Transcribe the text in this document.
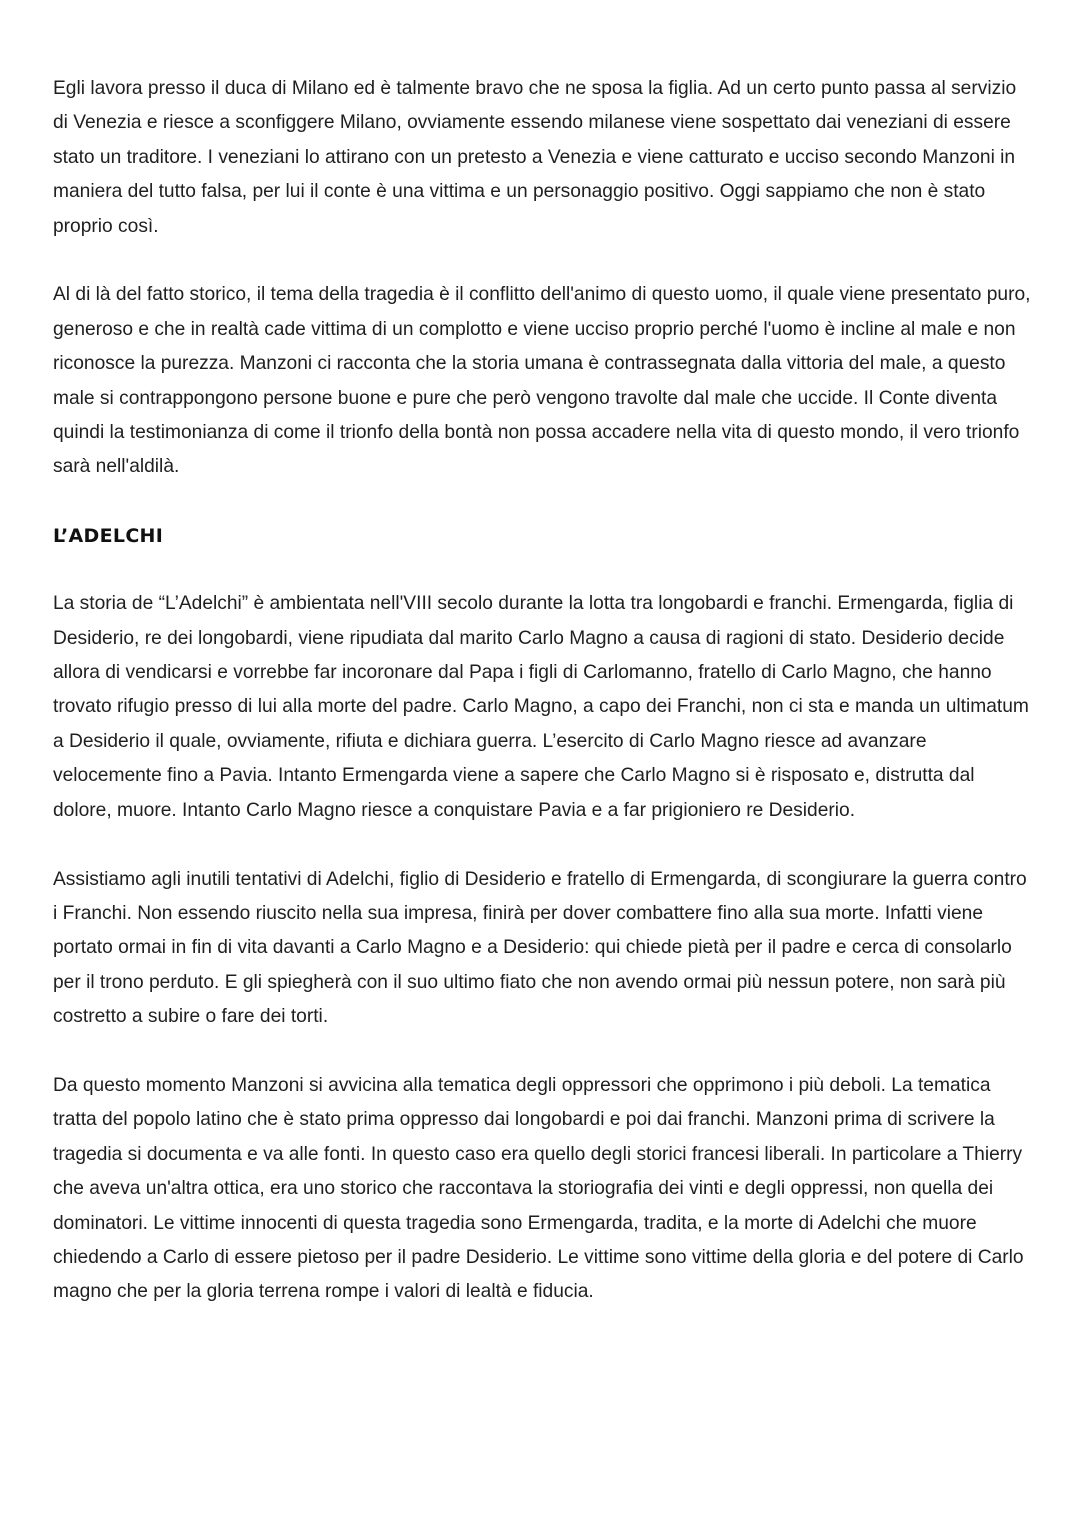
Egli lavora presso il duca di Milano ed è talmente bravo che ne sposa la figlia. Ad un certo punto passa al servizio di Venezia e riesce a sconfiggere Milano, ovviamente essendo milanese viene sospettato dai veneziani di essere stato un traditore. I veneziani lo attirano con un pretesto a Venezia e viene catturato e ucciso secondo Manzoni in maniera del tutto falsa, per lui il conte è una vittima e un personaggio positivo. Oggi sappiamo che non è stato proprio così.

Al di là del fatto storico, il tema della tragedia è il conflitto dell'animo di questo uomo, il quale viene presentato puro, generoso e che in realtà cade vittima di un complotto e viene ucciso proprio perché l'uomo è incline al male e non riconosce la purezza. Manzoni ci racconta che la storia umana è contrassegnata dalla vittoria del male, a questo male si contrappongono persone buone e pure che però vengono travolte dal male che uccide. Il Conte diventa quindi la testimonianza di come il trionfo della bontà non possa accadere nella vita di questo mondo, il vero trionfo sarà nell'aldilà.

L’ADELCHI

La storia de “L’Adelchi” è ambientata nell'VIII secolo durante la lotta tra longobardi e franchi. Ermengarda, figlia di Desiderio, re dei longobardi, viene ripudiata dal marito Carlo Magno a causa di ragioni di stato. Desiderio decide allora di vendicarsi e vorrebbe far incoronare dal Papa i figli di Carlomanno, fratello di Carlo Magno, che hanno trovato rifugio presso di lui alla morte del padre. Carlo Magno, a capo dei Franchi, non ci sta e manda un ultimatum a Desiderio il quale, ovviamente, rifiuta e dichiara guerra. L’esercito di Carlo Magno riesce ad avanzare velocemente fino a Pavia. Intanto Ermengarda viene a sapere che Carlo Magno si è risposato e, distrutta dal dolore, muore. Intanto Carlo Magno riesce a conquistare Pavia e a far prigioniero re Desiderio.

Assistiamo agli inutili tentativi di Adelchi, figlio di Desiderio e fratello di Ermengarda, di scongiurare la guerra contro i Franchi. Non essendo riuscito nella sua impresa, finirà per dover combattere fino alla sua morte. Infatti viene portato ormai in fin di vita davanti a Carlo Magno e a Desiderio: qui chiede pietà per il padre e cerca di consolarlo per il trono perduto. E gli spiegherà con il suo ultimo fiato che non avendo ormai più nessun potere, non sarà più costretto a subire o fare dei torti.

Da questo momento Manzoni si avvicina alla tematica degli oppressori che opprimono i più deboli. La tematica tratta del popolo latino che è stato prima oppresso dai longobardi e poi dai franchi. Manzoni prima di scrivere la tragedia si documenta e va alle fonti. In questo caso era quello degli storici francesi liberali. In particolare a Thierry che aveva un'altra ottica, era uno storico che raccontava la storiografia dei vinti e degli oppressi, non quella dei dominatori. Le vittime innocenti di questa tragedia sono Ermengarda, tradita, e la morte di Adelchi che muore chiedendo a Carlo di essere pietoso per il padre Desiderio. Le vittime sono vittime della gloria e del potere di Carlo magno che per la gloria terrena rompe i valori di lealtà e fiducia.
